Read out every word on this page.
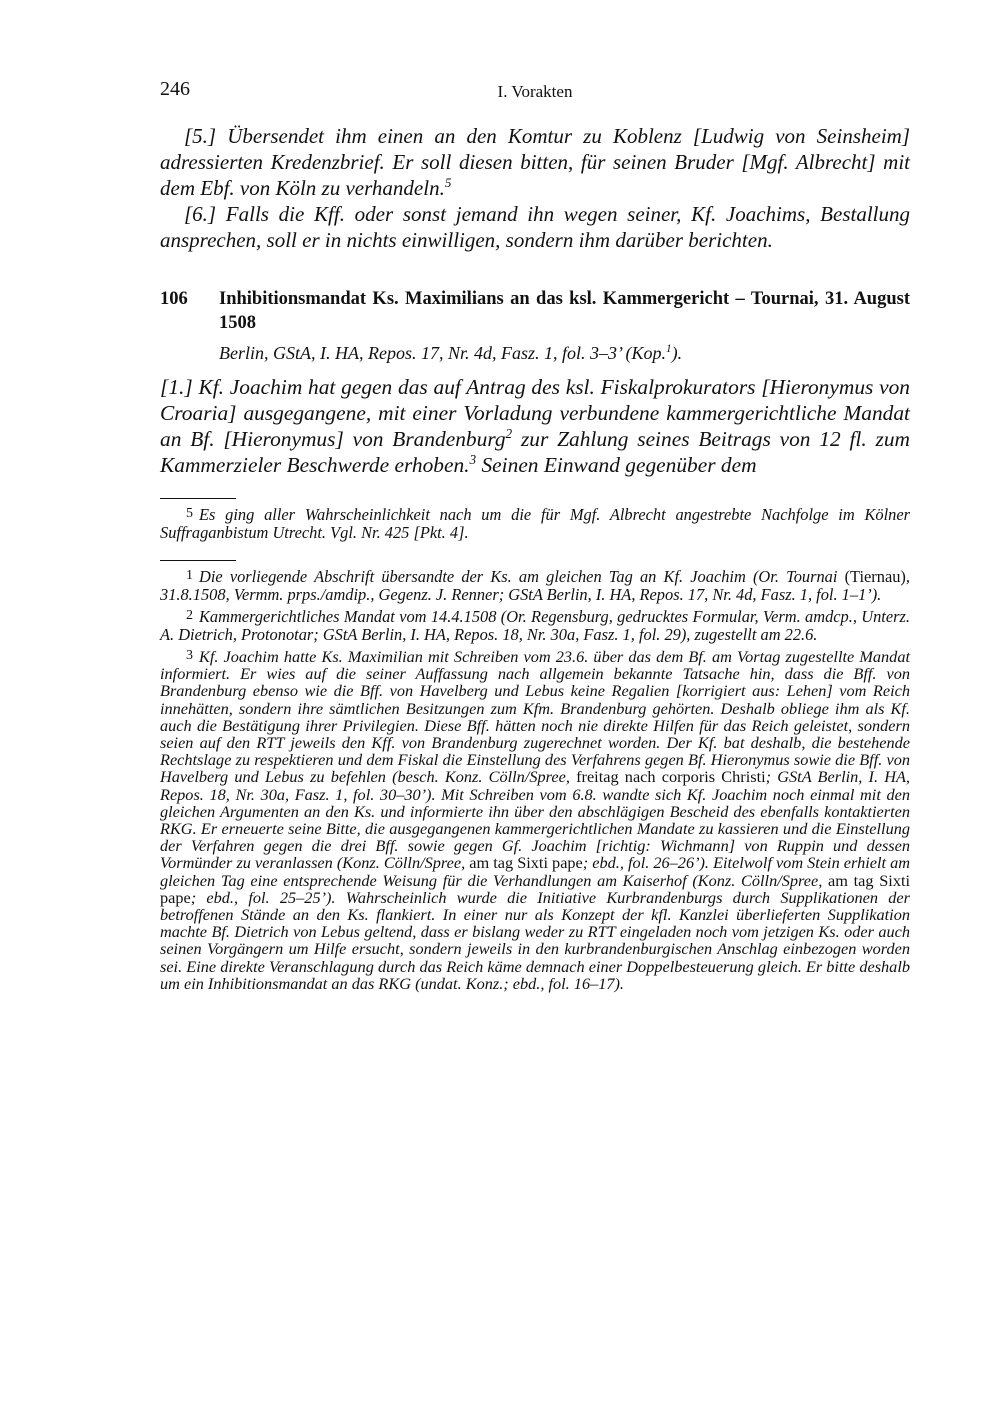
246	I. Vorakten

[5.] Übersendet ihm einen an den Komtur zu Koblenz [Ludwig von Seinsheim] adressierten Kredenzbrief. Er soll diesen bitten, für seinen Bruder [Mgf. Albrecht] mit dem Ebf. von Köln zu verhandeln.$^5$

[6.] Falls die Kff. oder sonst jemand ihn wegen seiner, Kf. Joachims, Bestallung ansprechen, soll er in nichts einwilligen, sondern ihm darüber berichten.

106 Inhibitionsmandat Ks. Maximilians an das ksl. Kammergericht – Tournai, 31. August 1508
Berlin, GStA, I. HA, Repos. 17, Nr. 4d, Fasz. 1, fol. 3–3’ (Kop.$^1$).

[1.] Kf. Joachim hat gegen das auf Antrag des ksl. Fiskalprokurators [Hieronymus von Croaria] ausgegangene, mit einer Vorladung verbundene kammergerichtliche Mandat an Bf. [Hieronymus] von Brandenburg$^2$ zur Zahlung seines Beitrags von 12 fl. zum Kammerzieler Beschwerde erhoben.$^3$ Seinen Einwand gegenüber dem

5 Es ging aller Wahrscheinlichkeit nach um die für Mgf. Albrecht angestrebte Nachfolge im Kölner Suffraganbistum Utrecht. Vgl. Nr. 425 [Pkt. 4].

1 Die vorliegende Abschrift übersandte der Ks. am gleichen Tag an Kf. Joachim (Or. Tournai (Tiernau), 31.8.1508, Vermm. prps./amdip., Gegenz. J. Renner; GStA Berlin, I. HA, Repos. 17, Nr. 4d, Fasz. 1, fol. 1–1’).

2 Kammergerichtliches Mandat vom 14.4.1508 (Or. Regensburg, gedrucktes Formular, Verm. amdcp., Unterz. A. Dietrich, Protonotar; GStA Berlin, I. HA, Repos. 18, Nr. 30a, Fasz. 1, fol. 29), zugestellt am 22.6.

3 Kf. Joachim hatte Ks. Maximilian mit Schreiben vom 23.6. über das dem Bf. am Vortag zugestellte Mandat informiert. Er wies auf die seiner Auffassung nach allgemein bekannte Tatsache hin, dass die Bff. von Brandenburg ebenso wie die Bff. von Havelberg und Lebus keine Regalien [korrigiert aus: Lehen] vom Reich innehätten, sondern ihre sämtlichen Besitzungen zum Kfm. Brandenburg gehörten. Deshalb obliege ihm als Kf. auch die Bestätigung ihrer Privilegien. Diese Bff. hätten noch nie direkte Hilfen für das Reich geleistet, sondern seien auf den RTT jeweils den Kff. von Brandenburg zugerechnet worden. Der Kf. bat deshalb, die bestehende Rechtslage zu respektieren und dem Fiskal die Einstellung des Verfahrens gegen Bf. Hieronymus sowie die Bff. von Havelberg und Lebus zu befehlen (besch. Konz. Cölln/Spree, freitag nach corporis Christi; GStA Berlin, I. HA, Repos. 18, Nr. 30a, Fasz. 1, fol. 30–30’). Mit Schreiben vom 6.8. wandte sich Kf. Joachim noch einmal mit den gleichen Argumenten an den Ks. und informierte ihn über den abschlägigen Bescheid des ebenfalls kontaktierten RKG. Er erneuerte seine Bitte, die ausgegangenen kammergerichtlichen Mandate zu kassieren und die Einstellung der Verfahren gegen die drei Bff. sowie gegen Gf. Joachim [richtig: Wichmann] von Ruppin und dessen Vormünder zu veranlassen (Konz. Cölln/Spree, am tag Sixti pape; ebd., fol. 26–26’). Eitelwolf vom Stein erhielt am gleichen Tag eine entsprechende Weisung für die Verhandlungen am Kaiserhof (Konz. Cölln/Spree, am tag Sixti pape; ebd., fol. 25–25’). Wahrscheinlich wurde die Initiative Kurbrandenburgs durch Supplikationen der betroffenen Stände an den Ks. flankiert. In einer nur als Konzept der kfl. Kanzlei überlieferten Supplikation machte Bf. Dietrich von Lebus geltend, dass er bislang weder zu RTT eingeladen noch vom jetzigen Ks. oder auch seinen Vorgängern um Hilfe ersucht, sondern jeweils in den kurbrandenburgischen Anschlag einbezogen worden sei. Eine direkte Veranschlagung durch das Reich käme demnach einer Doppelbesteuerung gleich. Er bitte deshalb um ein Inhibitionsmandat an das RKG (undat. Konz.; ebd., fol. 16–17).
